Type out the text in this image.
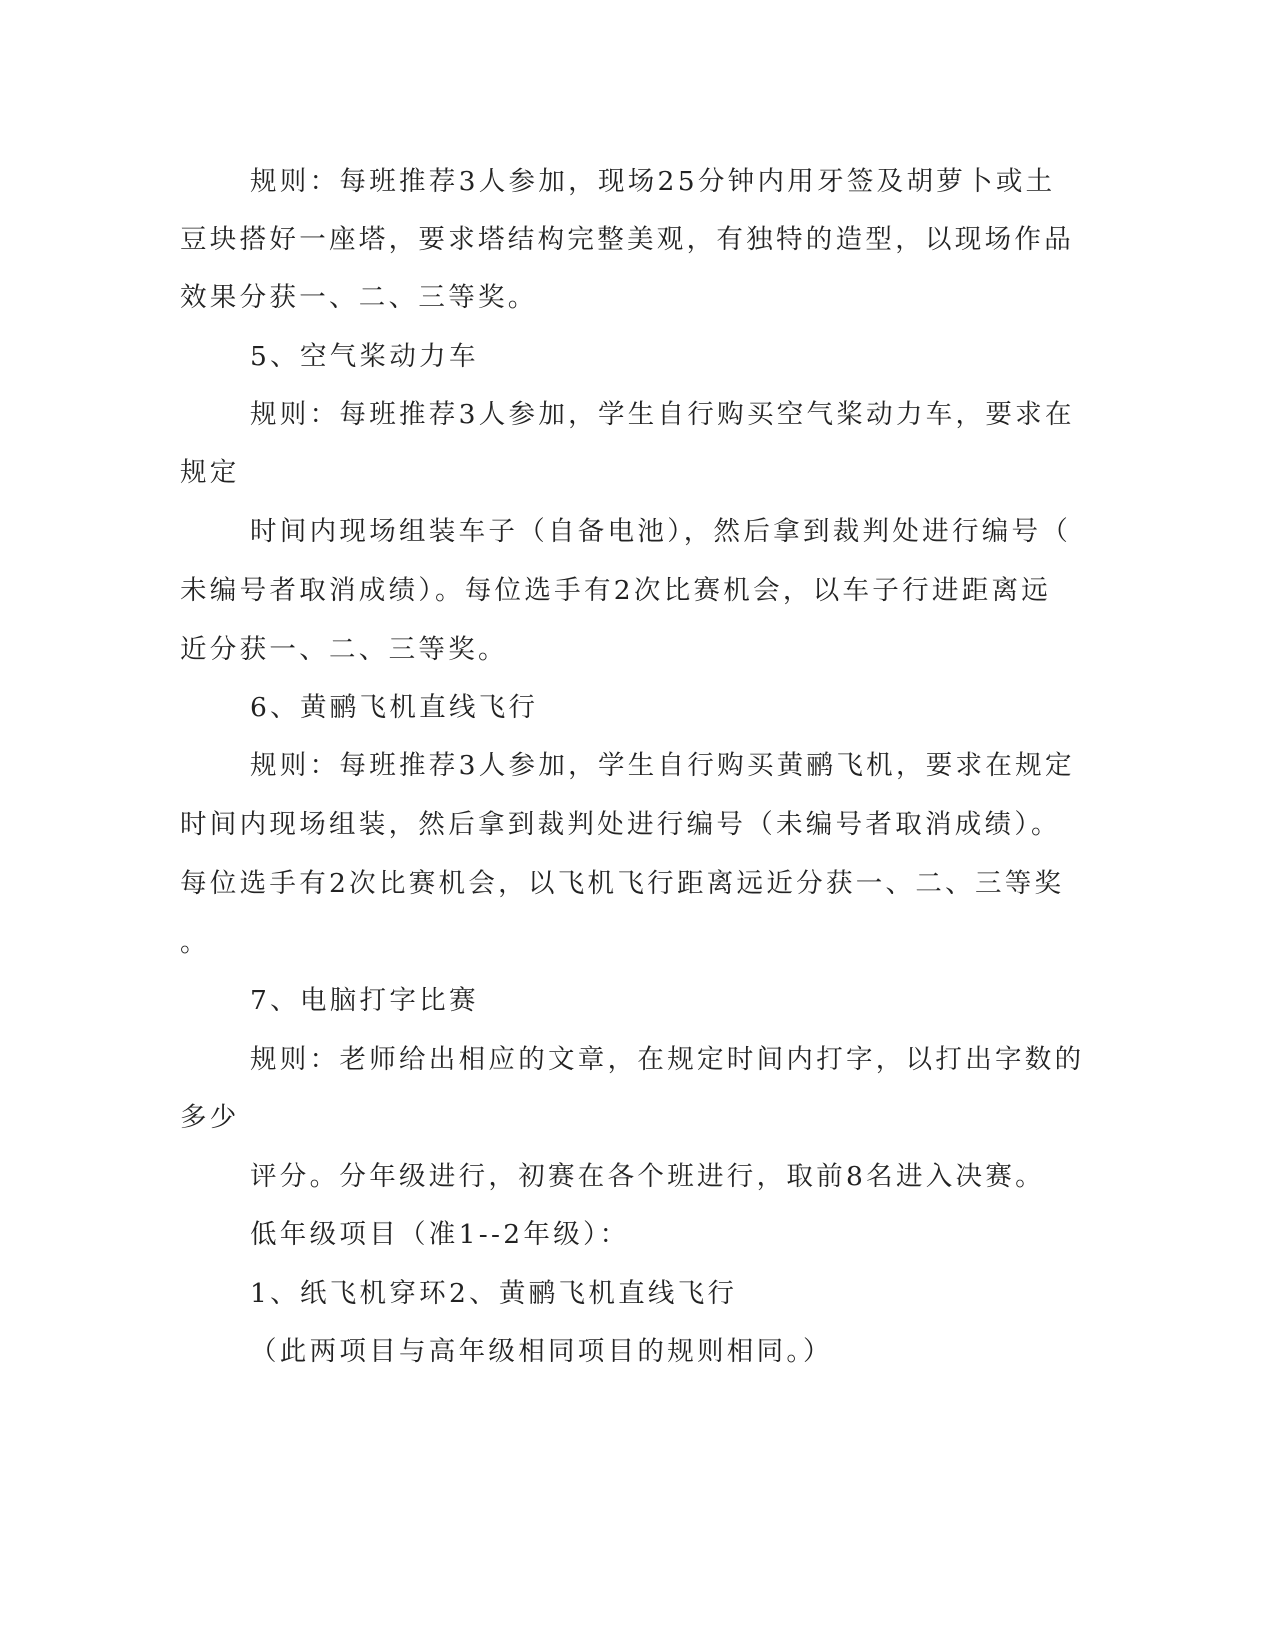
规则：每班推荐3人参加，现场25分钟内用牙签及胡萝卜或土

豆块搭好一座塔，要求塔结构完整美观，有独特的造型，以现场作品

效果分获一、二、三等奖。

5、空气桨动力车

规则：每班推荐3人参加，学生自行购买空气桨动力车，要求在

规定

时间内现场组装车子（自备电池），然后拿到裁判处进行编号（

未编号者取消成绩）。每位选手有2次比赛机会，以车子行进距离远

近分获一、二、三等奖。

6、黄鹂飞机直线飞行

规则：每班推荐3人参加，学生自行购买黄鹂飞机，要求在规定

时间内现场组装，然后拿到裁判处进行编号（未编号者取消成绩）。

每位选手有2次比赛机会，以飞机飞行距离远近分获一、二、三等奖

。

7、电脑打字比赛

规则：老师给出相应的文章，在规定时间内打字，以打出字数的

多少

评分。分年级进行，初赛在各个班进行，取前8名进入决赛。

低年级项目（准1--2年级）：

1、纸飞机穿环2、黄鹂飞机直线飞行

（此两项目与高年级相同项目的规则相同。）
